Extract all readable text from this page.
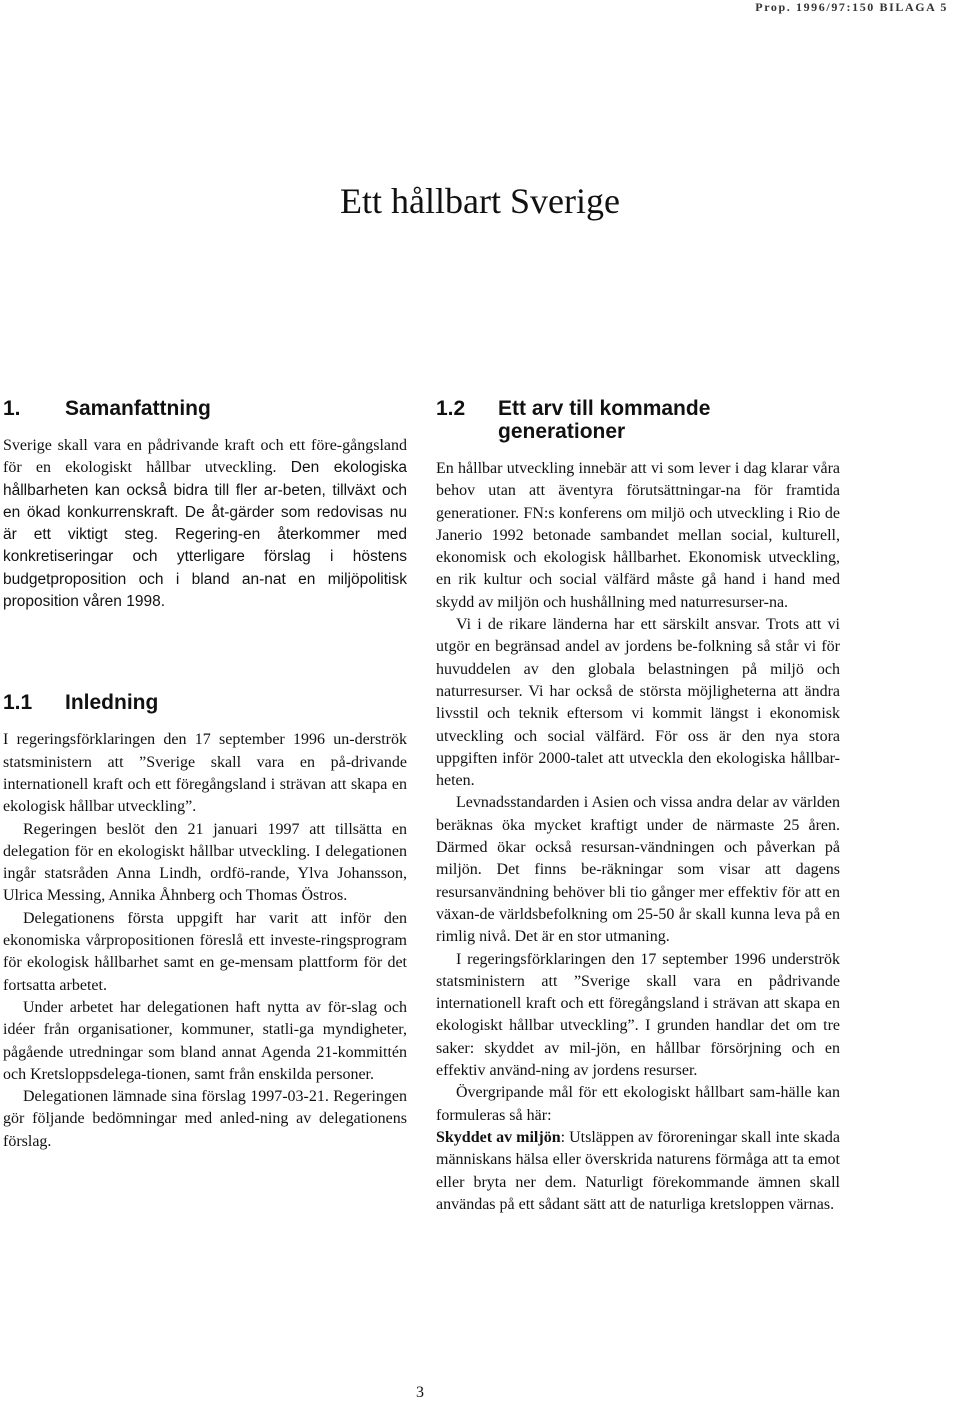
Prop. 1996/97:150 BILAGA 5
Ett hållbart Sverige
1.	Samanfattning

Sverige skall vara en pådrivande kraft och ett före-gångsland för en ekologiskt hållbar utveckling. Den ekologiska hållbarheten kan också bidra till fler ar-beten, tillväxt och en ökad konkurrenskraft. De åt-gärder som redovisas nu är ett viktigt steg. Regering-en återkommer med konkretiseringar och ytterligare förslag i höstens budgetproposition och i bland an-nat en miljöpolitisk proposition våren 1998.

1.1	Inledning

I regeringsförklaringen den 17 september 1996 un-derströk statsministern att ”Sverige skall vara en på-drivande internationell kraft och ett föregångsland i strävan att skapa en ekologisk hållbar utveckling”.

Regeringen beslöt den 21 januari 1997 att tillsätta en delegation för en ekologiskt hållbar utveckling. I delegationen ingår statsråden Anna Lindh, ordfö-rande, Ylva Johansson, Ulrica Messing, Annika Åhnberg och Thomas Östros.

Delegationens första uppgift har varit att inför den ekonomiska vårpropositionen föreslå ett investe-ringsprogram för ekologisk hållbarhet samt en ge-mensam plattform för det fortsatta arbetet.

Under arbetet har delegationen haft nytta av för-slag och idéer från organisationer, kommuner, statli-ga myndigheter, pågående utredningar som bland annat Agenda 21-kommittén och Kretsloppsdelega-tionen, samt från enskilda personer.

Delegationen lämnade sina förslag 1997-03-21. Regeringen gör följande bedömningar med anled-ning av delegationens förslag.

1.2	Ett arv till kommande generationer

En hållbar utveckling innebär att vi som lever i dag klarar våra behov utan att äventyra förutsättningar-na för framtida generationer. FN:s konferens om miljö och utveckling i Rio de Janerio 1992 betonade sambandet mellan social, kulturell, ekonomisk och ekologisk hållbarhet. Ekonomisk utveckling, en rik kultur och social välfärd måste gå hand i hand med skydd av miljön och hushållning med naturresurser-na.

Vi i de rikare länderna har ett särskilt ansvar. Trots att vi utgör en begränsad andel av jordens be-folkning så står vi för huvuddelen av den globala belastningen på miljö och naturresurser. Vi har också de största möjligheterna att ändra livsstil och teknik eftersom vi kommit längst i ekonomisk utveckling och social välfärd. För oss är den nya stora uppgiften inför 2000-talet att utveckla den ekologiska hållbar-heten.

Levnadsstandarden i Asien och vissa andra delar av världen beräknas öka mycket kraftigt under de närmaste 25 åren. Därmed ökar också resursan-vändningen och påverkan på miljön. Det finns be-räkningar som visar att dagens resursanvändning behöver bli tio gånger mer effektiv för att en växan-de världsbefolkning om 25-50 år skall kunna leva på en rimlig nivå. Det är en stor utmaning.

I regeringsförklaringen den 17 september 1996 underströk statsministern att ”Sverige skall vara en pådrivande internationell kraft och ett föregångsland i strävan att skapa en ekologiskt hållbar utveckling”. I grunden handlar det om tre saker: skyddet av mil-jön, en hållbar försörjning och en effektiv använd-ning av jordens resurser.

Övergripande mål för ett ekologiskt hållbart sam-hälle kan formuleras så här:

Skyddet av miljön: Utsläppen av föroreningar skall inte skada människans hälsa eller överskrida naturens förmåga att ta emot eller bryta ner dem. Naturligt förekommande ämnen skall användas på ett sådant sätt att de naturliga kretsloppen värnas.

3
